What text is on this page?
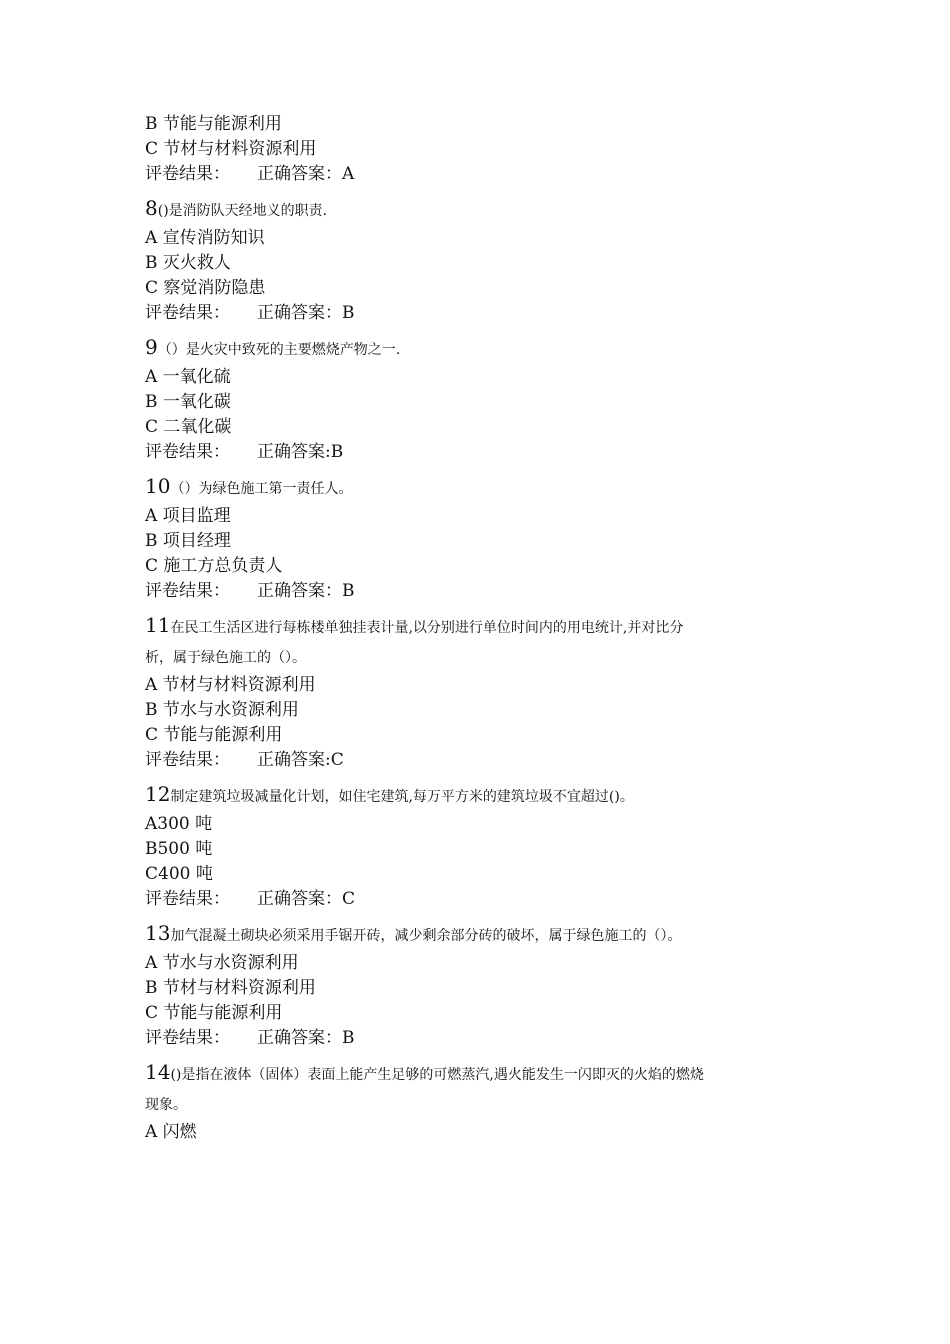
B 节能与能源利用
C 节材与材料资源利用
评卷结果： 正确答案：A
8 ()是消防队天经地义的职责.
A 宣传消防知识
B 灭火救人
C 察觉消防隐患
评卷结果： 正确答案：B
9 （）是火灾中致死的主要燃烧产物之一.
A 一氧化硫
B 一氧化碳
C 二氧化碳
评卷结果： 正确答案:B
10 （）为绿色施工第一责任人。
A 项目监理
B 项目经理
C 施工方总负责人
评卷结果： 正确答案：B
11 在民工生活区进行每栋楼单独挂表计量,以分别进行单位时间内的用电统计,并对比分
析，属于绿色施工的（）。
A 节材与材料资源利用
B 节水与水资源利用
C 节能与能源利用
评卷结果： 正确答案:C
12 制定建筑垃圾减量化计划，如住宅建筑,每万平方米的建筑垃圾不宜超过()。
A300 吨
B500 吨
C400 吨
评卷结果： 正确答案：C
13 加气混凝土砌块必须采用手锯开砖，减少剩余部分砖的破坏，属于绿色施工的（）。
A 节水与水资源利用
B 节材与材料资源利用
C 节能与能源利用
评卷结果： 正确答案：B
14 ()是指在液体（固体）表面上能产生足够的可燃蒸汽,遇火能发生一闪即灭的火焰的燃烧
现象。
A 闪燃
